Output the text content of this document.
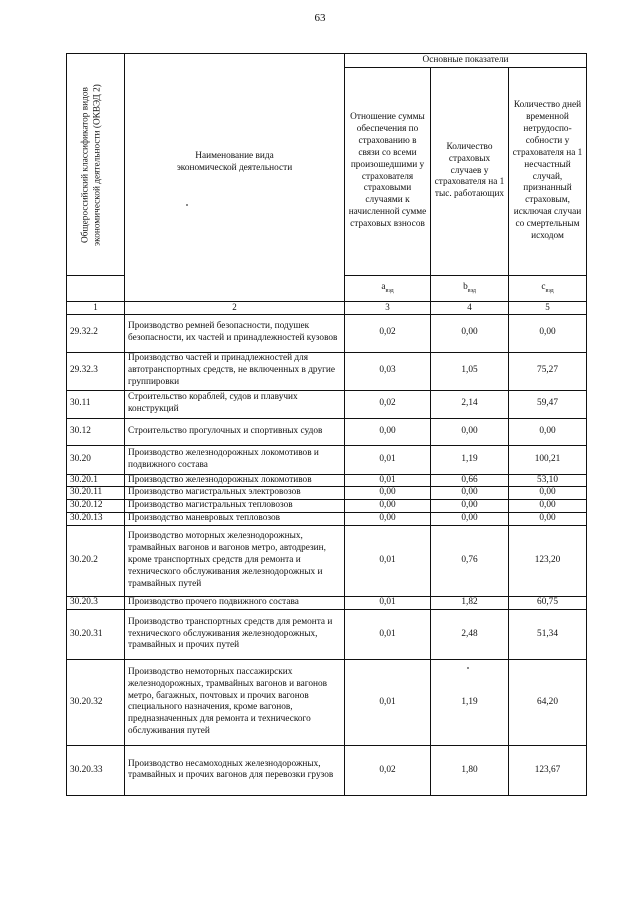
63
Общероссийский классификатор видов экономической деятельности (ОКВЭД 2)	Наименование вида экономической деятельности	Основные показатели		
		Отношение суммы обеспечения по страхованию в связи со всеми произошедшими у страхователя страховыми случаями к начисленной сумме страховых взносов	Количество страховых случаев у страхователя на 1 тыс. работающих	Количество дней временной нетрудоспо-собности у страхователя на 1 несчастный случай, признанный страховым, исключая случаи со смертельным исходом
		$a_{вэд}$	$b_{вэд}$	$c_{вэд}$
1	2	3	4	5
29.32.2	Производство ремней безопасности, подушек безопасности, их частей и принадлежностей кузовов	0,02	0,00	0,00
29.32.3	Производство частей и принадлежностей для автотранспортных средств, не включенных в другие группировки	0,03	1,05	75,27
30.11	Строительство кораблей, судов и плавучих конструкций	0,02	2,14	59,47
30.12	Строительство прогулочных и спортивных судов	0,00	0,00	0,00
30.20	Производство железнодорожных локомотивов и подвижного состава	0,01	1,19	100,21
30.20.1	Производство железнодорожных локомотивов	0,01	0,66	53,10
30.20.11	Производство магистральных электровозов	0,00	0,00	0,00
30.20.12	Производство магистральных тепловозов	0,00	0,00	0,00
30.20.13	Производство маневровых тепловозов	0,00	0,00	0,00
30.20.2	Производство моторных железнодорожных, трамвайных вагонов и вагонов метро, автодрезин, кроме транспортных средств для ремонта и технического обслуживания железнодорожных и трамвайных путей	0,01	0,76	123,20
30.20.3	Производство прочего подвижного состава	0,01	1,82	60,75
30.20.31	Производство транспортных средств для ремонта и технического обслуживания железнодорожных, трамвайных и прочих путей	0,01	2,48	51,34
30.20.32	Производство немоторных пассажирских железнодорожных, трамвайных вагонов и вагонов метро, багажных, почтовых и прочих вагонов специального назначения, кроме вагонов, предназначенных для ремонта и технического обслуживания путей	0,01	1,19	64,20
30.20.33	Производство несамоходных железнодорожных, трамвайных и прочих вагонов для перевозки грузов	0,02	1,80	123,67
